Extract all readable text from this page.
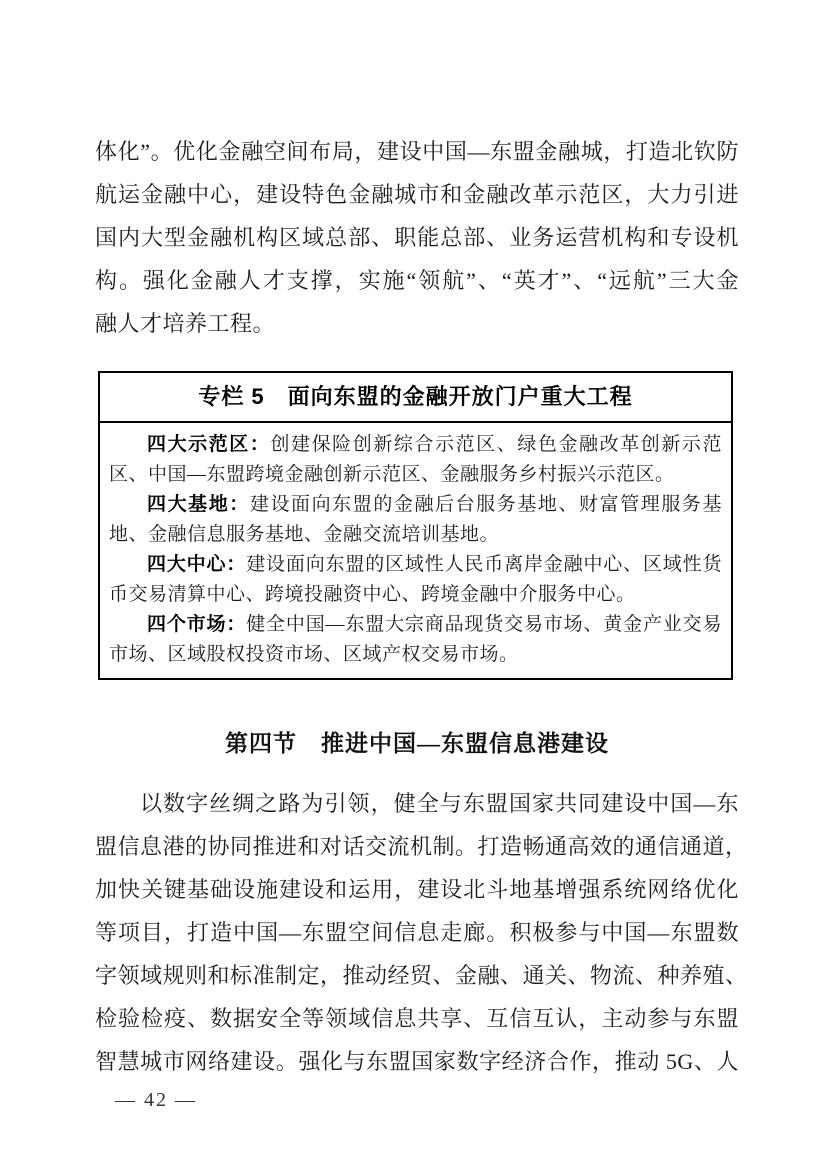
体化”。优化金融空间布局，建设中国—东盟金融城，打造北钦防
航运金融中心，建设特色金融城市和金融改革示范区，大力引进
国内大型金融机构区域总部、职能总部、业务运营机构和专设机
构。强化金融人才支撑，实施“领航”、“英才”、“远航”三大金
融人才培养工程。
专栏 5　面向东盟的金融开放门户重大工程

四大示范区：创建保险创新综合示范区、绿色金融改革创新示范区、中国—东盟跨境金融创新示范区、金融服务乡村振兴示范区。

四大基地：建设面向东盟的金融后台服务基地、财富管理服务基地、金融信息服务基地、金融交流培训基地。

四大中心：建设面向东盟的区域性人民币离岸金融中心、区域性货币交易清算中心、跨境投融资中心、跨境金融中介服务中心。

四个市场：健全中国—东盟大宗商品现货交易市场、黄金产业交易市场、区域股权投资市场、区域产权交易市场。

第四节　推进中国—东盟信息港建设
以数字丝绸之路为引领，健全与东盟国家共同建设中国—东
盟信息港的协同推进和对话交流机制。打造畅通高效的通信通道，
加快关键基础设施建设和运用，建设北斗地基增强系统网络优化
等项目，打造中国—东盟空间信息走廊。积极参与中国—东盟数
字领域规则和标准制定，推动经贸、金融、通关、物流、种养殖、
检验检疫、数据安全等领域信息共享、互信互认，主动参与东盟
智慧城市网络建设。强化与东盟国家数字经济合作，推动 5G、人
— 42 —
